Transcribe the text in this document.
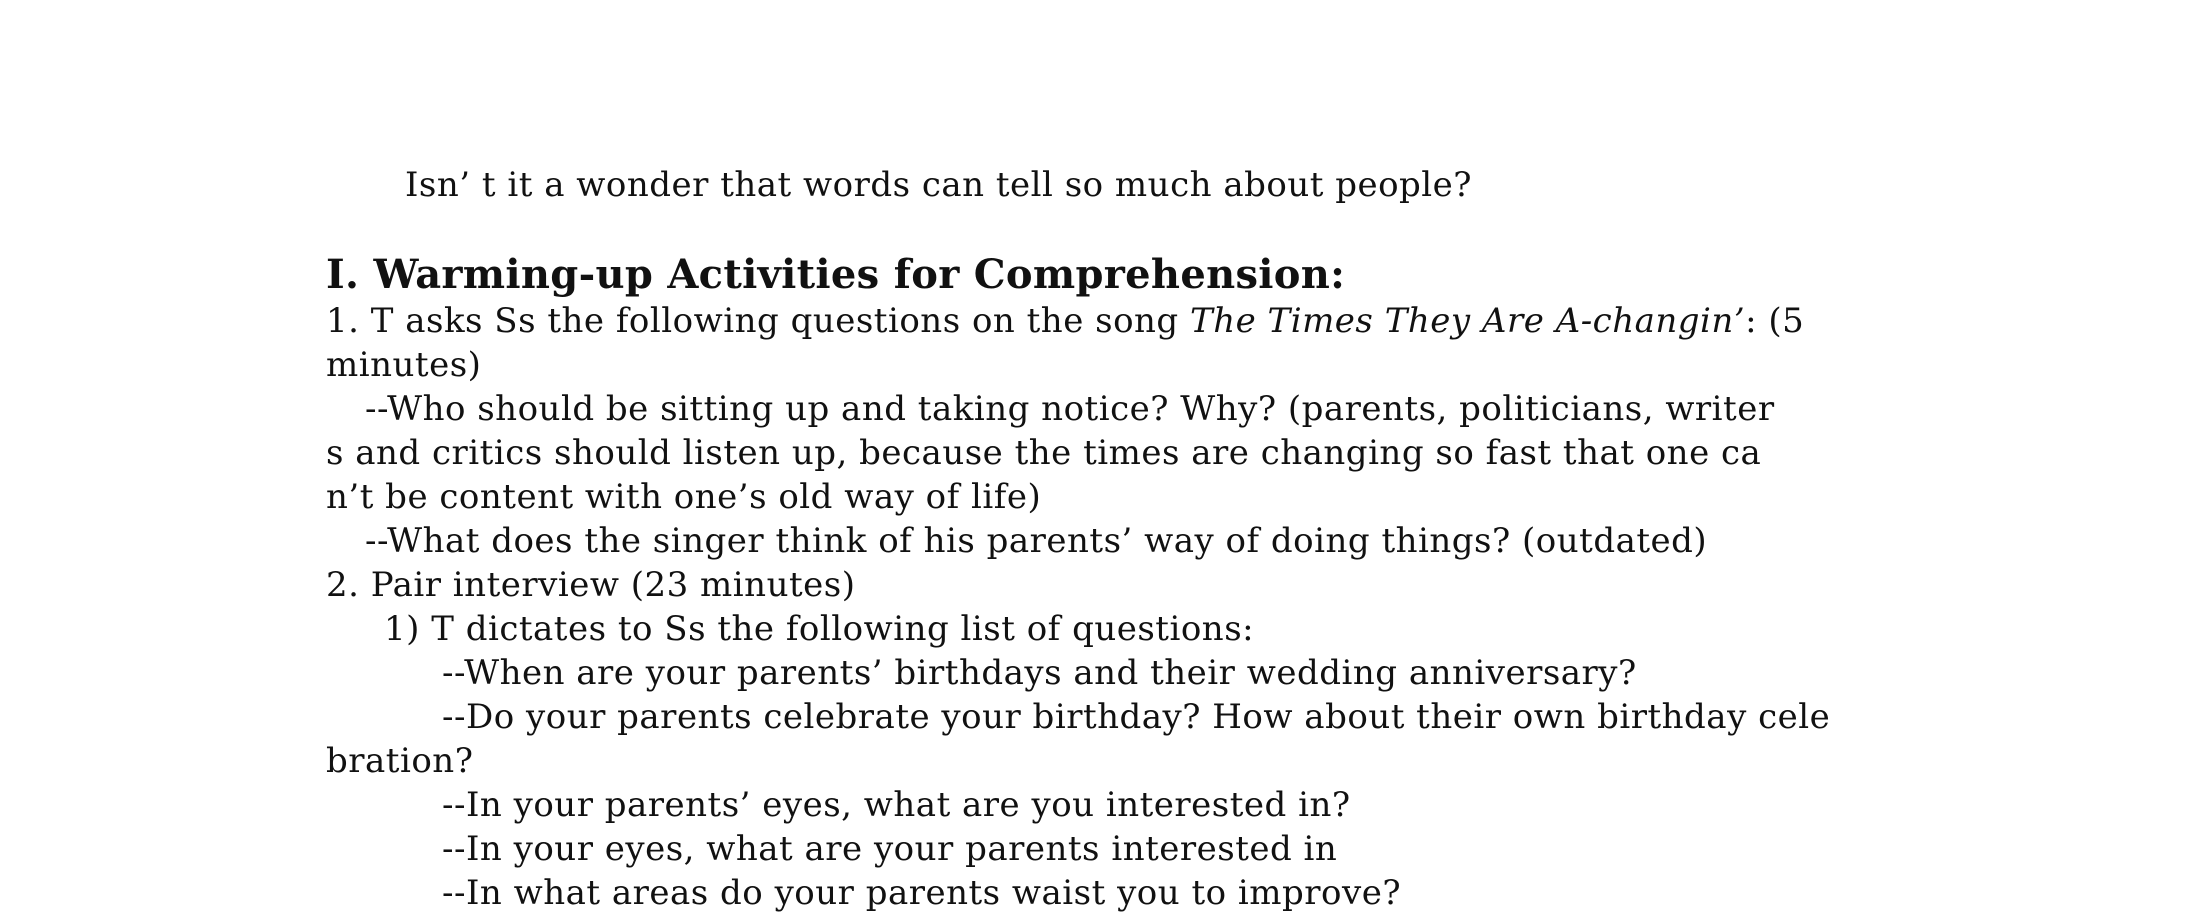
Isn’ t it a wonder that words can tell so much about people?
I. Warming-up Activities for Comprehension:
1. T asks Ss the following questions on the song The Times They Are A-changin’: (5
minutes)
--Who should be sitting up and taking notice? Why? (parents, politicians, writer
s and critics should listen up, because the times are changing so fast that one ca
n’t be content with one’s old way of life)
--What does the singer think of his parents’ way of doing things? (outdated)
2. Pair interview (23 minutes)
1) T dictates to Ss the following list of questions:
--When are your parents’ birthdays and their wedding anniversary?
--Do your parents celebrate your birthday? How about their own birthday cele
bration?
--In your parents’ eyes, what are you interested in?
--In your eyes, what are your parents interested in
--In what areas do your parents waist you to improve?
